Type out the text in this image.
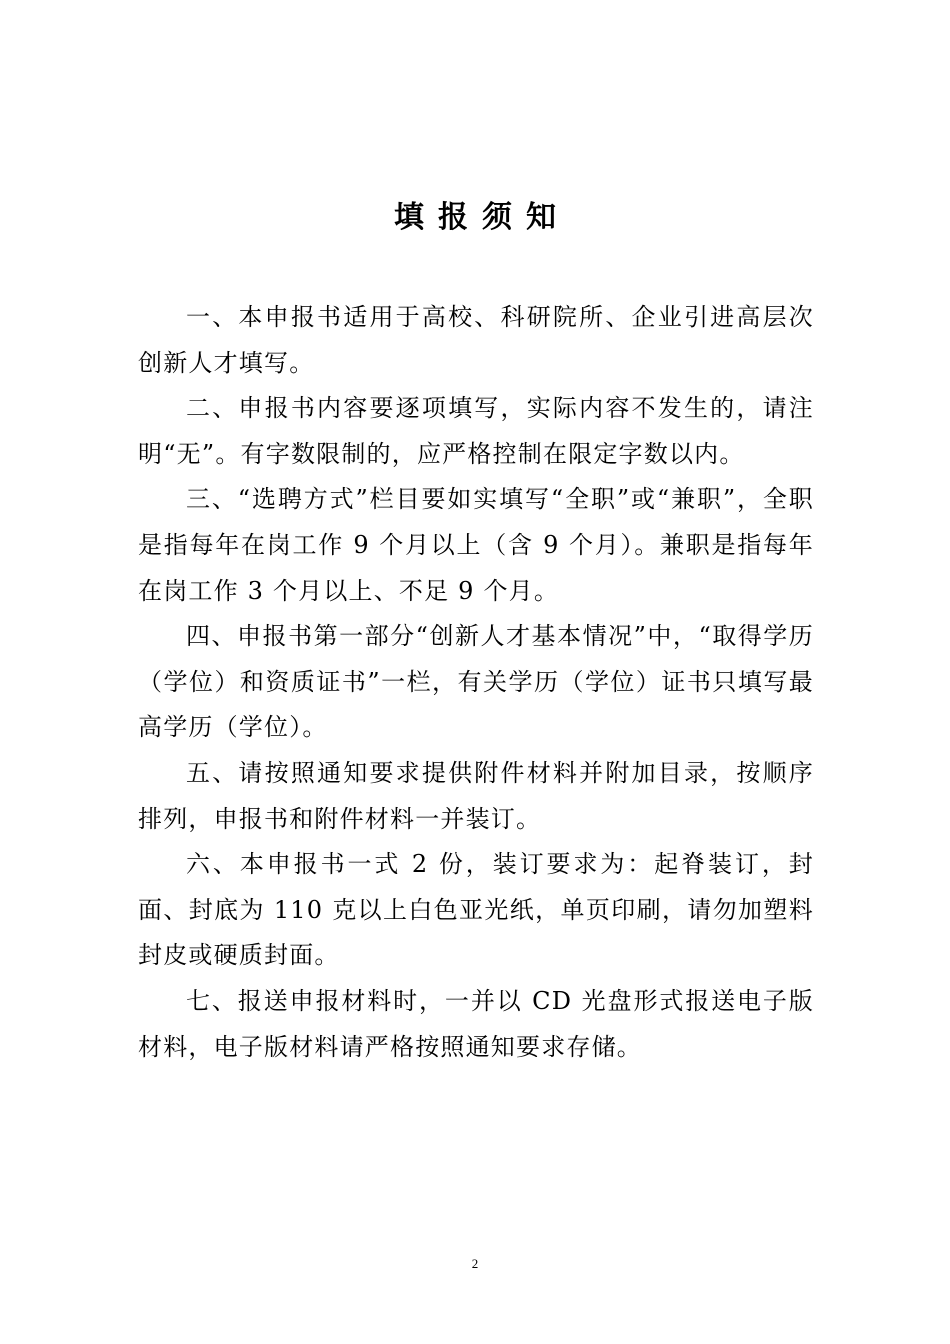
填报须知

一、本申报书适用于高校、科研院所、企业引进高层次创新人才填写。

二、申报书内容要逐项填写，实际内容不发生的，请注明“无”。有字数限制的，应严格控制在限定字数以内。

三、“选聘方式”栏目要如实填写“全职”或“兼职”，全职是指每年在岗工作 9 个月以上（含 9 个月）。兼职是指每年在岗工作 3 个月以上、不足 9 个月。

四、申报书第一部分“创新人才基本情况”中，“取得学历（学位）和资质证书”一栏，有关学历（学位）证书只填写最高学历（学位）。

五、请按照通知要求提供附件材料并附加目录，按顺序排列，申报书和附件材料一并装订。

六、本申报书一式 2 份，装订要求为：起脊装订，封面、封底为 110 克以上白色亚光纸，单页印刷，请勿加塑料封皮或硬质封面。

七、报送申报材料时，一并以 CD 光盘形式报送电子版材料，电子版材料请严格按照通知要求存储。

2
